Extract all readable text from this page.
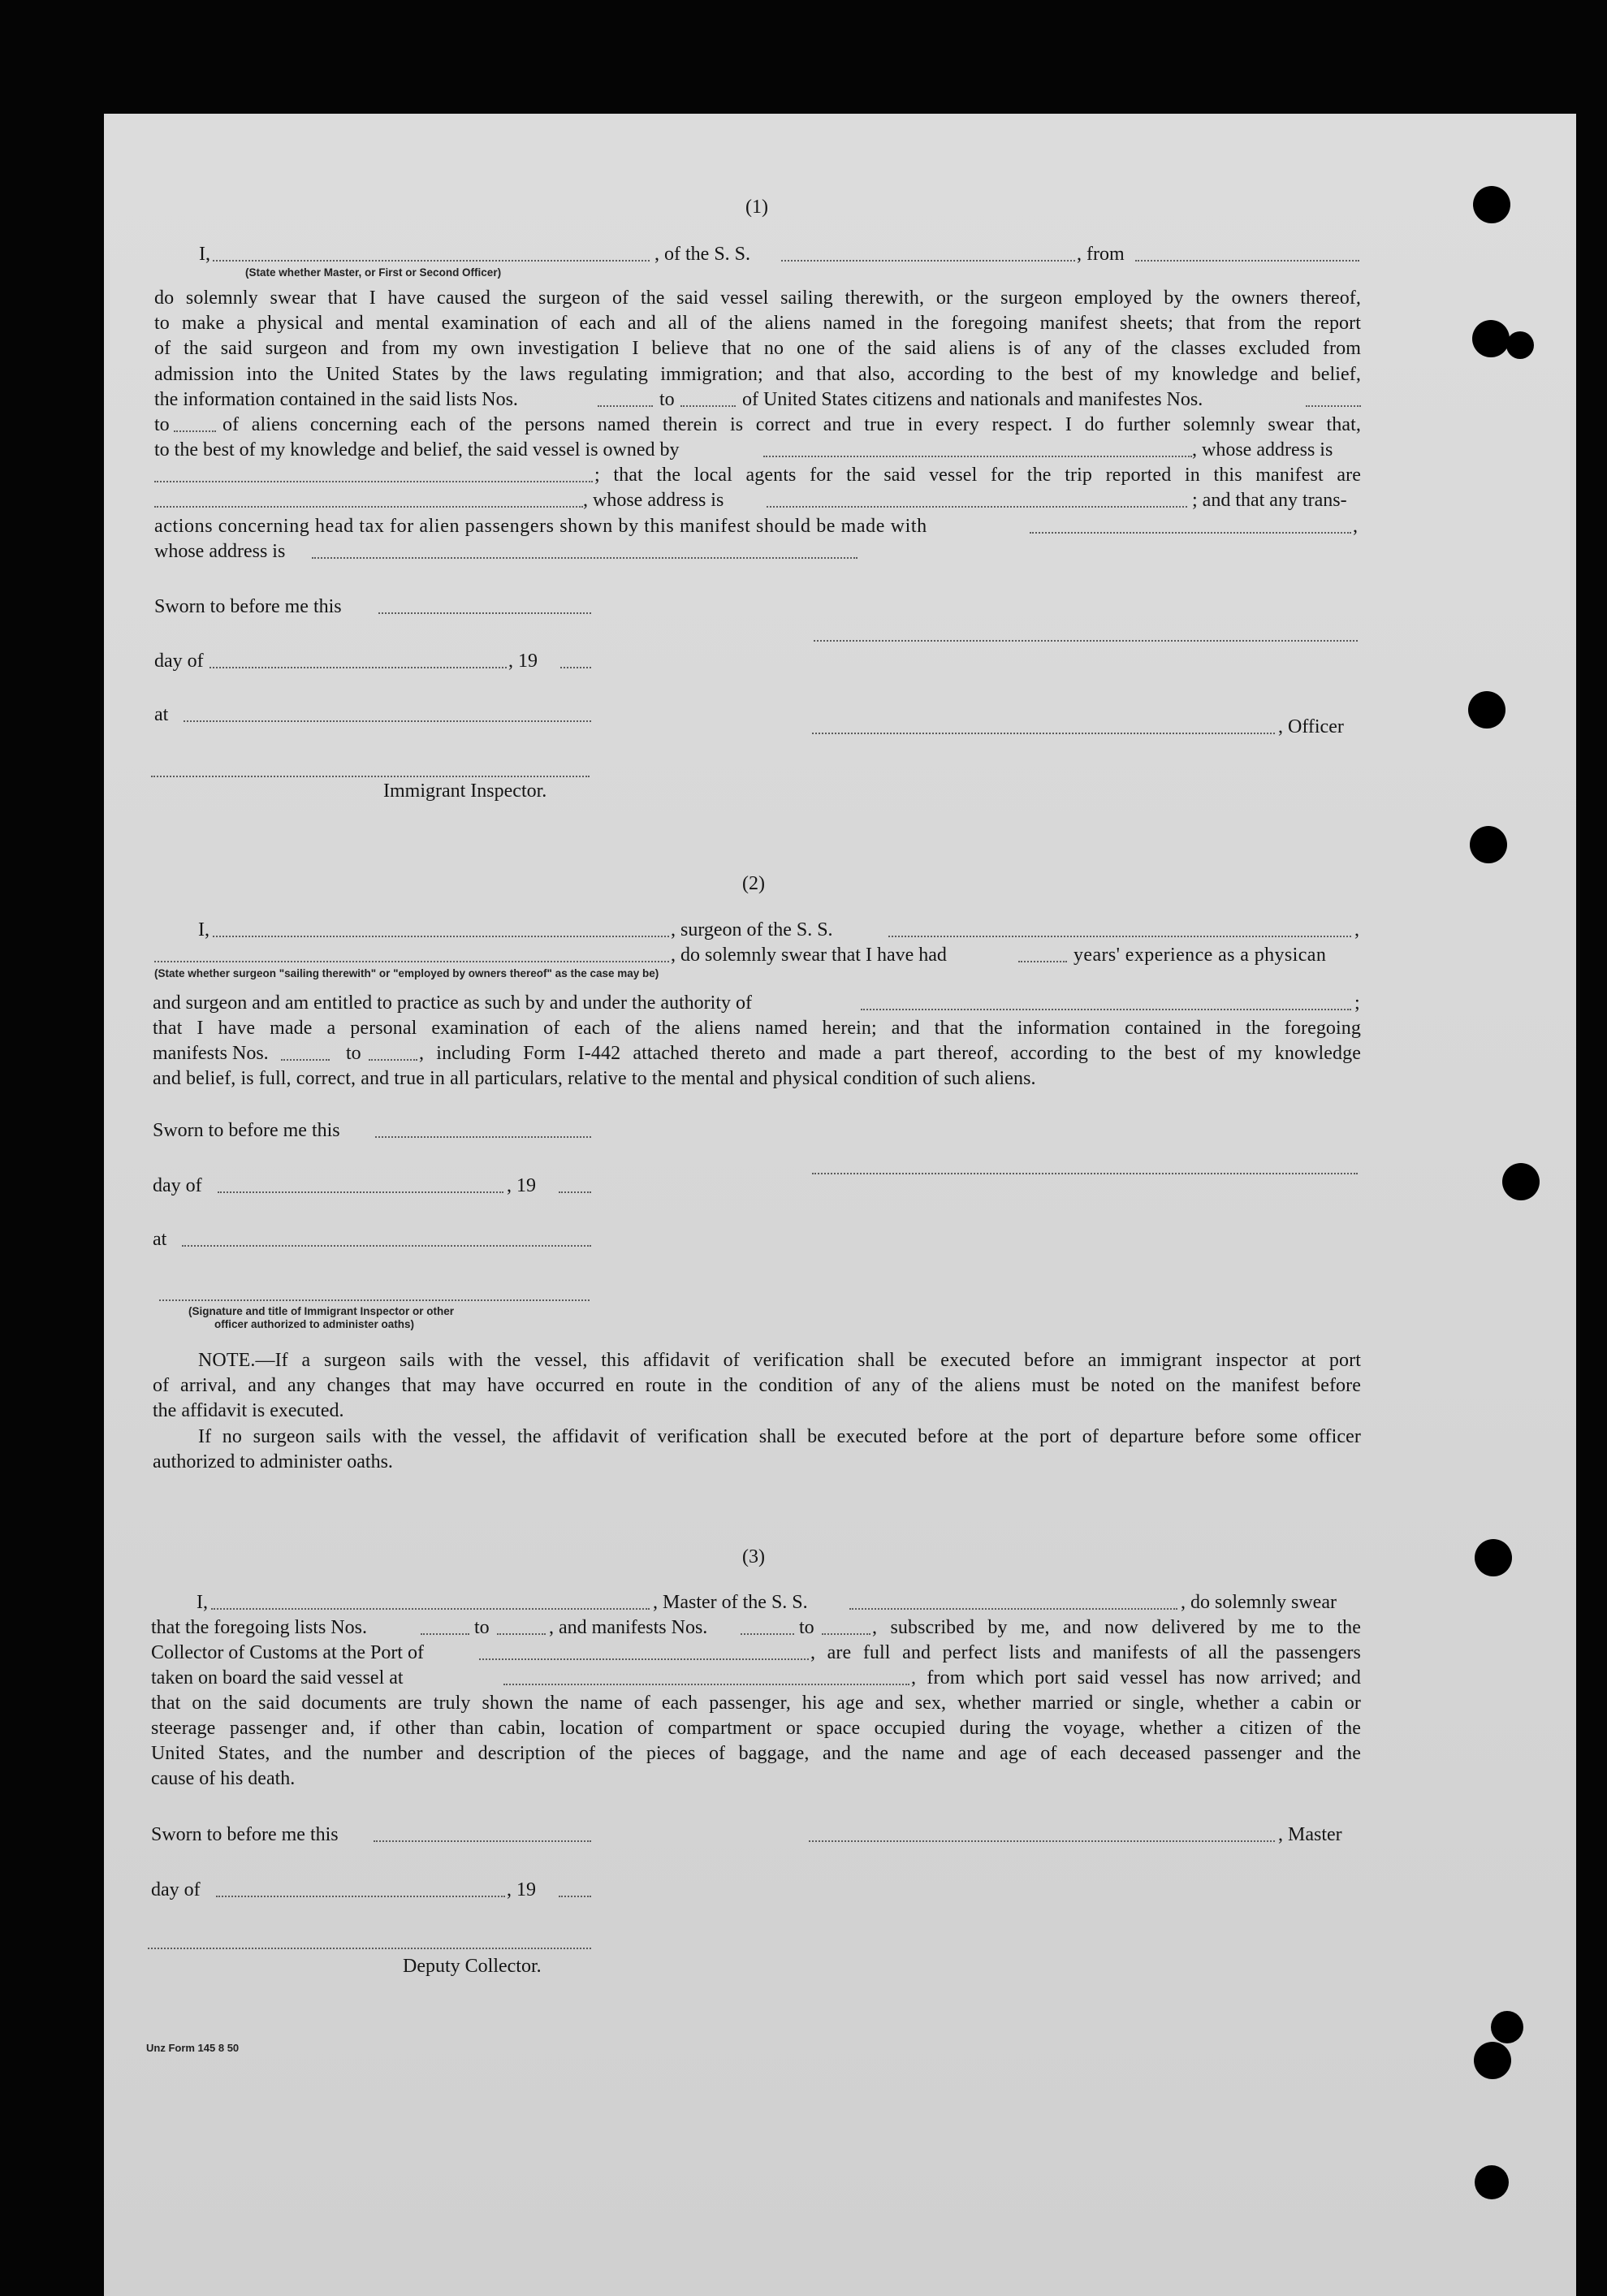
(1)

I,	, of the S. S.	, from

(State whether Master, or First or Second Officer)

do solemnly swear that I have caused the surgeon of the said vessel sailing therewith, or the surgeon employed by the owners thereof,

to make a physical and mental examination of each and all of the aliens named in the foregoing manifest sheets; that from the report

of the said surgeon and from my own investigation I believe that no one of the said aliens is of any of the classes excluded from

admission into the United States by the laws regulating immigration; and that also, according to the best of my knowledge and belief,

the information contained in the said lists Nos.	to	of United States citizens and nationals and manifestes Nos.

to	of aliens concerning each of the persons named therein is correct and true in every respect. I do further solemnly swear that,

to the best of my knowledge and belief, the said vessel is owned by	, whose address is

; that the local agents for the said vessel for the trip reported in this manifest are

, whose address is	; and that any trans-

actions concerning head tax for alien passengers shown by this manifest should be made with	,

whose address is

Sworn to before me this

day of	, 19

at

, Officer

Immigrant Inspector.

(2)

I,	, surgeon of the S. S.	,

, do solemnly swear that I have had	years' experience as a physican

(State whether surgeon "sailing therewith" or "employed by owners thereof" as the case may be)

and surgeon and am entitled to practice as such by and under the authority of	;

that I have made a personal examination of each of the aliens named herein; and that the information contained in the foregoing

manifests Nos.	to	, including Form I-442 attached thereto and made a part thereof, according to the best of my knowledge

and belief, is full, correct, and true in all particulars, relative to the mental and physical condition of such aliens.

Sworn to before me this

day of	, 19

at

(Signature and title of Immigrant Inspector or other

officer authorized to administer oaths)

NOTE.—If a surgeon sails with the vessel, this affidavit of verification shall be executed before an immigrant inspector at port

of arrival, and any changes that may have occurred en route in the condition of any of the aliens must be noted on the manifest before

the affidavit is executed.

If no surgeon sails with the vessel, the affidavit of verification shall be executed before at the port of departure before some officer

authorized to administer oaths.

(3)

I,	, Master of the S. S.	, do solemnly swear

that the foregoing lists Nos.	to	, and manifests Nos.	to	, subscribed by me, and now delivered by me to the

Collector of Customs at the Port of	, are full and perfect lists and manifests of all the passengers

taken on board the said vessel at	, from which port said vessel has now arrived; and

that on the said documents are truly shown the name of each passenger, his age and sex, whether married or single, whether a cabin or

steerage passenger and, if other than cabin, location of compartment or space occupied during the voyage, whether a citizen of the

United States, and the number and description of the pieces of baggage, and the name and age of each deceased passenger and the

cause of his death.

Sworn to before me this	, Master

day of	, 19

Deputy Collector.

Unz Form 145 8 50
